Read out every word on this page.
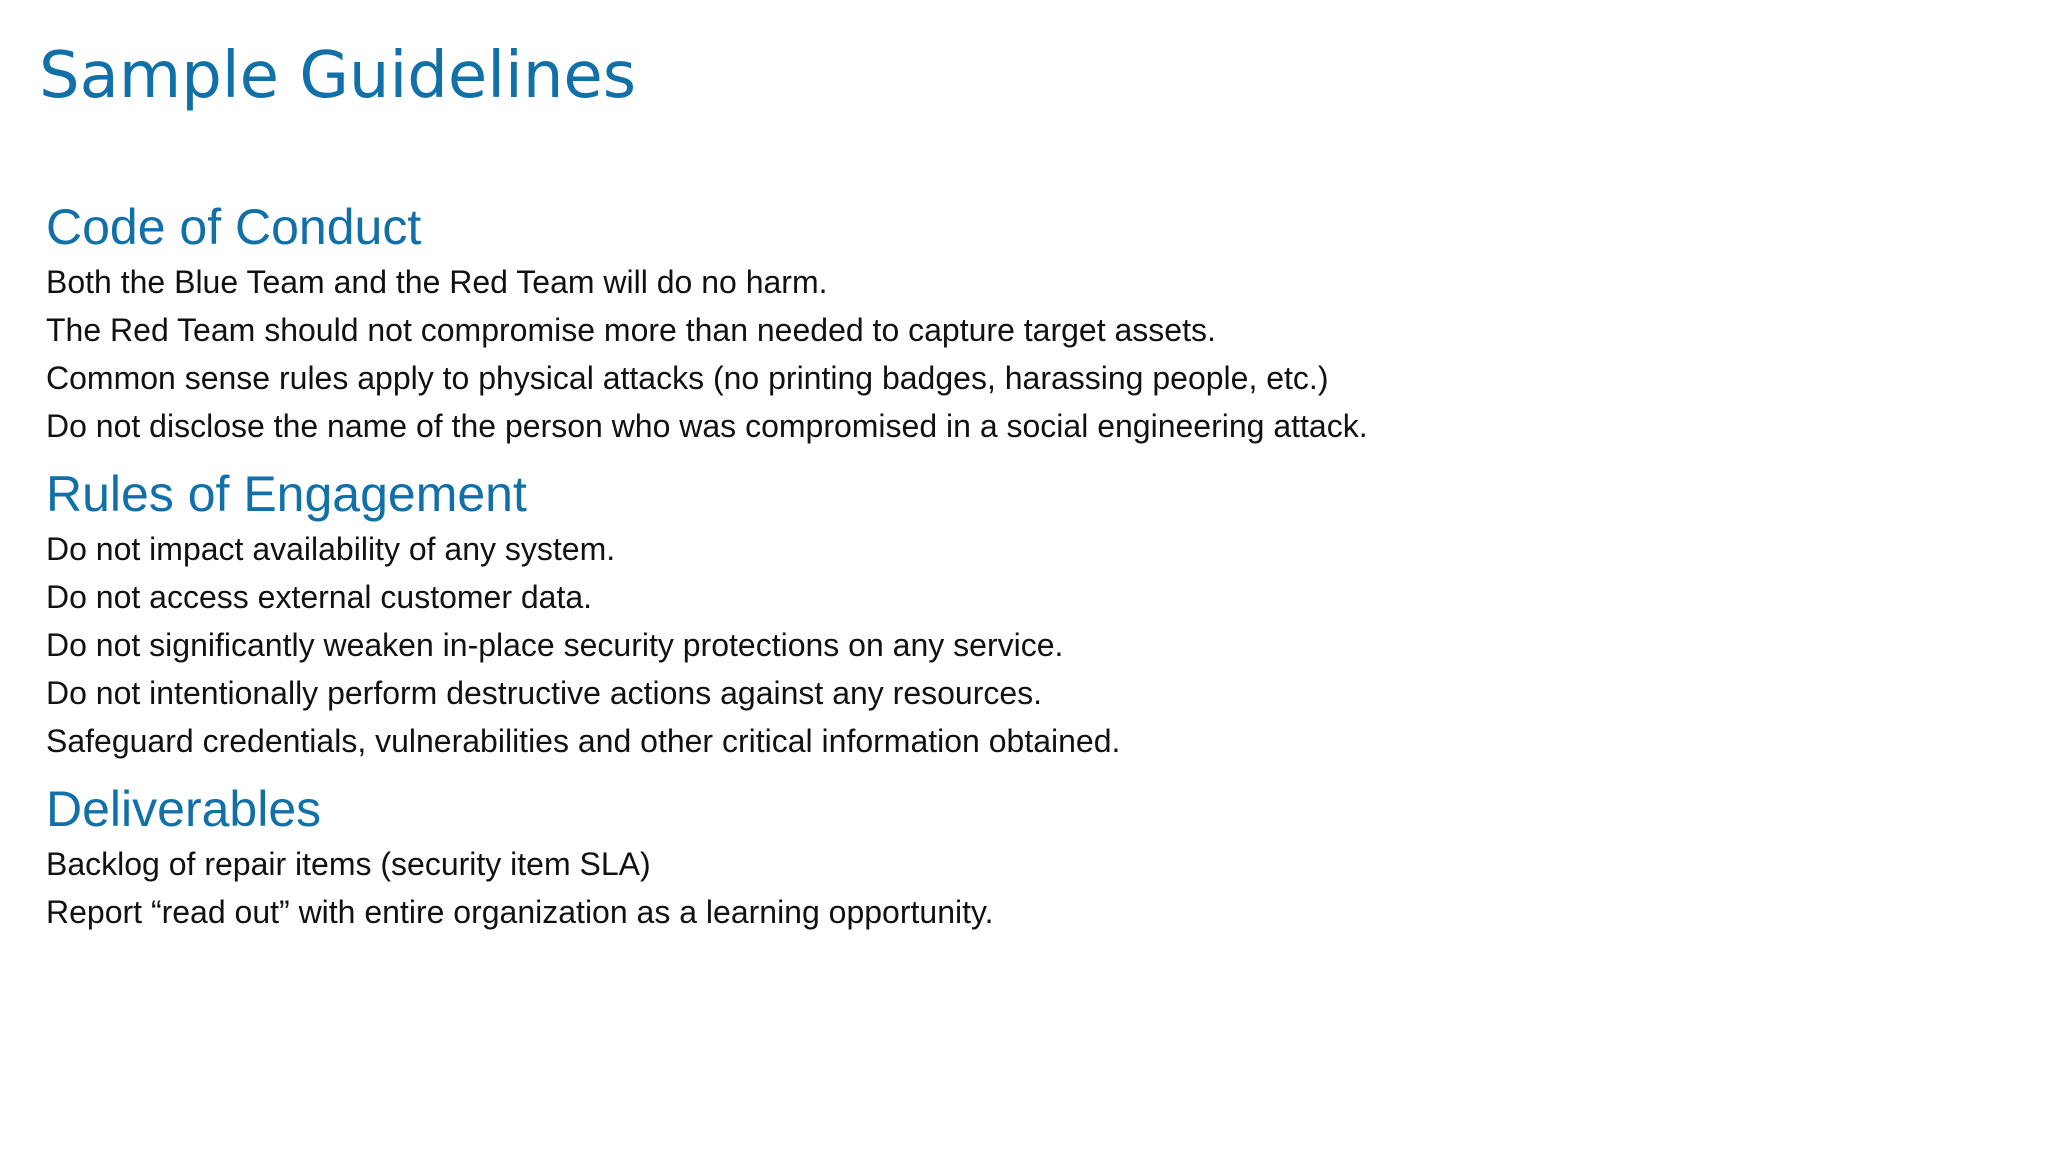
Sample Guidelines
Code of Conduct
Both the Blue Team and the Red Team will do no harm.
The Red Team should not compromise more than needed to capture target assets.
Common sense rules apply to physical attacks (no printing badges, harassing people, etc.)
Do not disclose the name of the person who was compromised in a social engineering attack.
Rules of Engagement
Do not impact availability of any system.
Do not access external customer data.
Do not significantly weaken in-place security protections on any service.
Do not intentionally perform destructive actions against any resources.
Safeguard credentials, vulnerabilities and other critical information obtained.
Deliverables
Backlog of repair items (security item SLA)
Report “read out” with entire organization as a learning opportunity.
